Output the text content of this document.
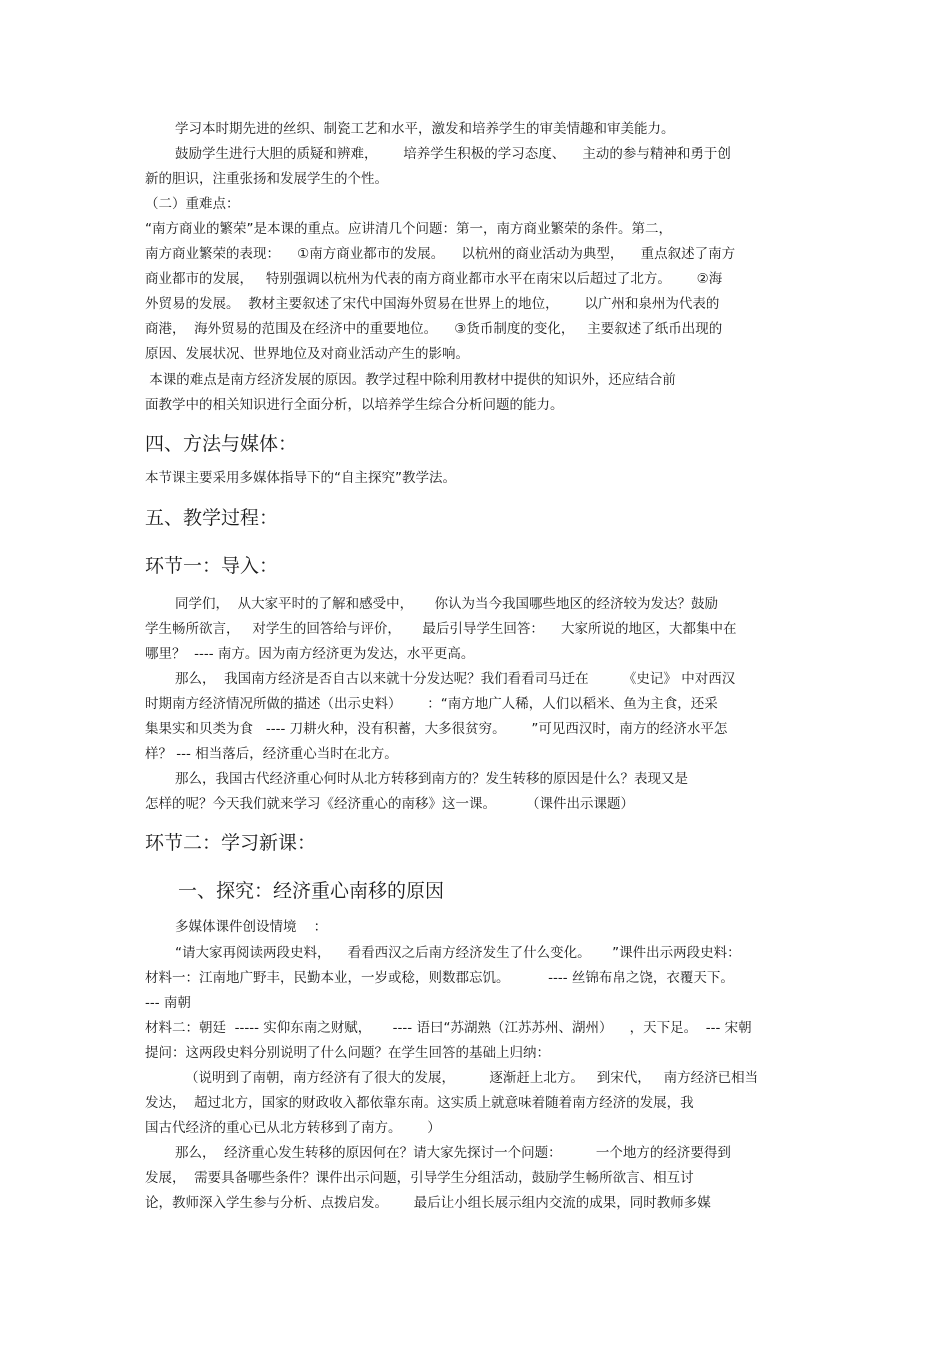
学习本时期先进的丝织、制瓷工艺和水平，激发和培养学生的审美情趣和审美能力。
鼓励学生进行大胆的质疑和辨难，      培养学生积极的学习态度、    主动的参与精神和勇于创
新的胆识，注重张扬和发展学生的个性。
（二）重难点：
“南方商业的繁荣”是本课的重点。应讲清几个问题：第一，南方商业繁荣的条件。第二，
南方商业繁荣的表现：    ①南方商业都市的发展。    以杭州的商业活动为典型，    重点叙述了南方
商业都市的发展，   特别强调以杭州为代表的南方商业都市水平在南宋以后超过了北方。      ②海
外贸易的发展。  教材主要叙述了宋代中国海外贸易在世界上的地位，      以广州和泉州为代表的
商港，  海外贸易的范围及在经济中的重要地位。    ③货币制度的变化，   主要叙述了纸币出现的
原因、发展状况、世界地位及对商业活动产生的影响。
本课的难点是南方经济发展的原因。教学过程中除利用教材中提供的知识外，还应结合前
面教学中的相关知识进行全面分析，以培养学生综合分析问题的能力。
四、方法与媒体：
本节课主要采用多媒体指导下的“自主探究”教学法。
五、教学过程：
环节一：导入：
同学们，  从大家平时的了解和感受中，     你认为当今我国哪些地区的经济较为发达？鼓励
学生畅所欲言，   对学生的回答给与评价，     最后引导学生回答：    大家所说的地区，大都集中在
哪里？  ---- 南方。因为南方经济更为发达，水平更高。
那么，  我国南方经济是否自古以来就十分发达呢？我们看看司马迁在        《史记》 中对西汉
时期南方经济情况所做的描述（出示史料）      ：“南方地广人稀，人们以稻米、鱼为主食，还采
集果实和贝类为食   ---- 刀耕火种，没有积蓄，大多很贫穷。      ”可见西汉时，南方的经济水平怎
样？ --- 相当落后，经济重心当时在北方。
那么，我国古代经济重心何时从北方转移到南方的？发生转移的原因是什么？表现又是
怎样的呢？今天我们就来学习《经济重心的南移》这一课。       （课件出示课题）
环节二：学习新课：
一、探究：经济重心南移的原因
多媒体课件创设情境    ：
“请大家再阅读两段史料，    看看西汉之后南方经济发生了什么变化。     ”课件出示两段史料：
材料一：江南地广野丰，民勤本业，一岁或稔，则数郡忘饥。         ---- 丝锦布帛之饶，衣覆天下。
--- 南朝
材料二：朝廷  ----- 实仰东南之财赋，     ---- 语曰“苏湖熟（江苏苏州、湖州）    ，天下足。  --- 宋朝
提问：这两段史料分别说明了什么问题？在学生回答的基础上归纳：
（说明到了南朝，南方经济有了很大的发展，        逐渐赶上北方。   到宋代，   南方经济已相当
发达，  超过北方，国家的财政收入都依靠东南。这实质上就意味着随着南方经济的发展，我
国古代经济的重心已从北方转移到了南方。      ）
那么，  经济重心发生转移的原因何在？请大家先探讨一个问题：        一个地方的经济要得到
发展，  需要具备哪些条件？课件出示问题，引导学生分组活动，鼓励学生畅所欲言、相互讨
论，教师深入学生参与分析、点拨启发。      最后让小组长展示组内交流的成果，同时教师多媒
